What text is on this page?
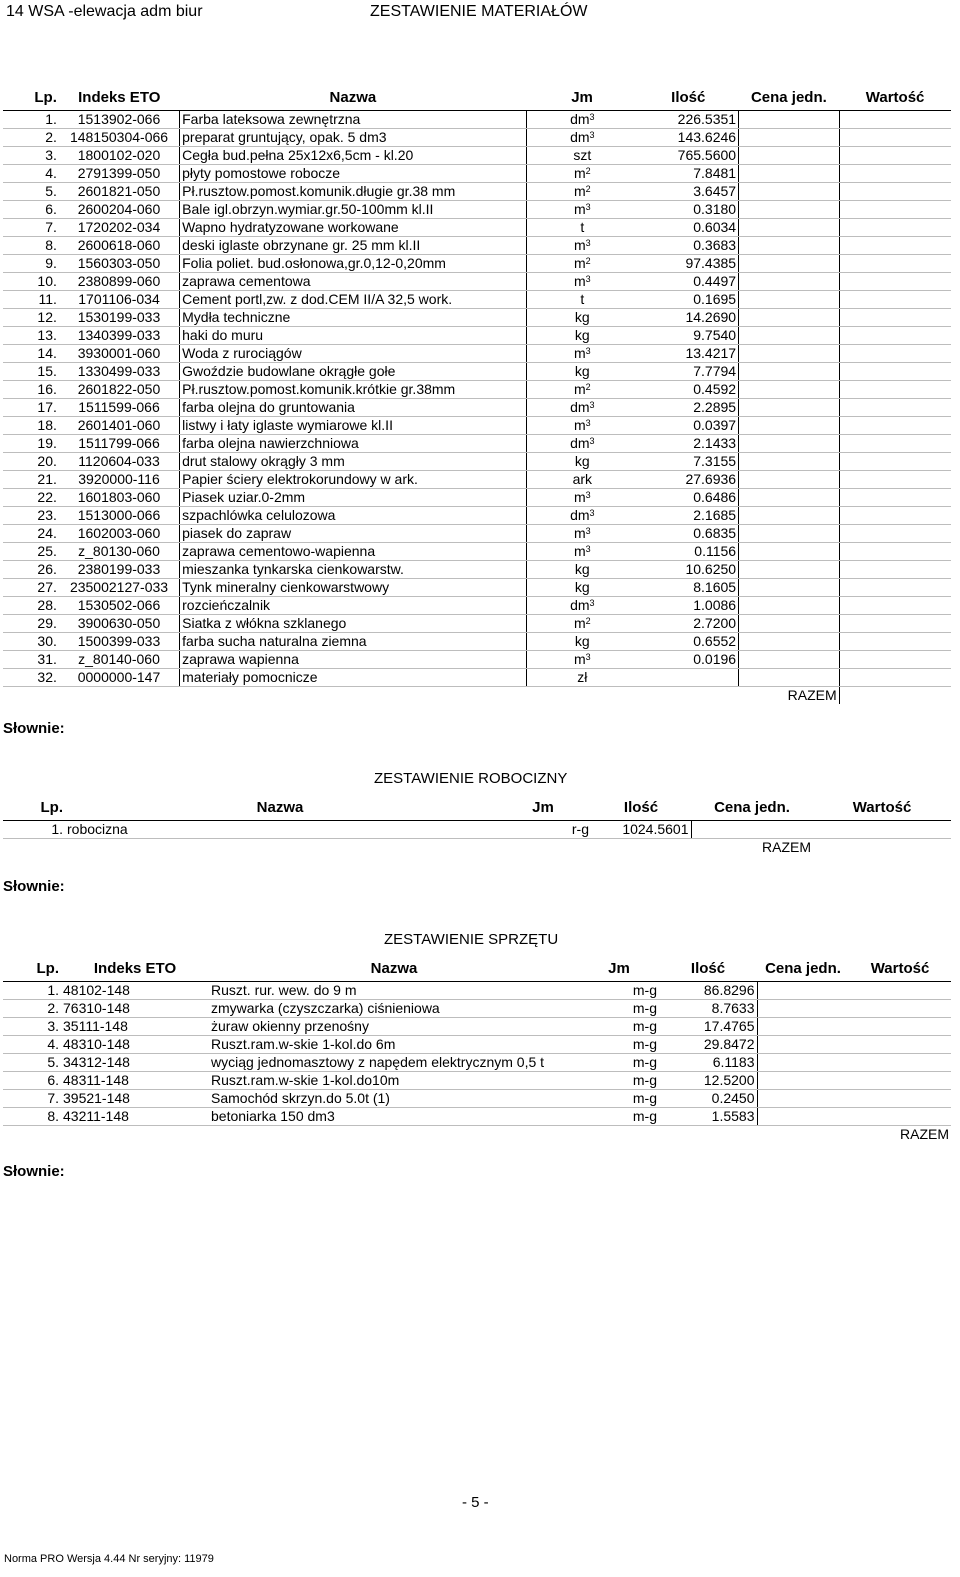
14 WSA -elewacja adm biur	ZESTAWIENIE MATERIAŁÓW
Lp.	Indeks ETO	Nazwa	Jm	Ilość	Cena jedn.	Wartość
1.	1513902-066	Farba lateksowa zewnętrzna	$dm^3$	226.5351		
2.	148150304-066	preparat gruntujący, opak. 5 dm3	$dm^3$	143.6246		
3.	1800102-020	Cegła bud.pełna 25x12x6,5cm - kl.20	szt	765.5600		
4.	2791399-050	płyty pomostowe robocze	$m^2$	7.8481		
5.	2601821-050	Pł.rusztow.pomost.komunik.długie gr.38 mm	$m^2$	3.6457		
6.	2600204-060	Bale igl.obrzyn.wymiar.gr.50-100mm kl.II	$m^3$	0.3180		
7.	1720202-034	Wapno hydratyzowane workowane	t	0.6034		
8.	2600618-060	deski iglaste obrzynane gr. 25 mm kl.II	$m^3$	0.3683		
9.	1560303-050	Folia poliet. bud.osłonowa,gr.0,12-0,20mm	$m^2$	97.4385		
10.	2380899-060	zaprawa cementowa	$m^3$	0.4497		
11.	1701106-034	Cement portl,zw. z dod.CEM II/A 32,5 work.	t	0.1695		
12.	1530199-033	Mydła techniczne	kg	14.2690		
13.	1340399-033	haki do muru	kg	9.7540		
14.	3930001-060	Woda z rurociągów	$m^3$	13.4217		
15.	1330499-033	Gwoździe budowlane okrągłe gołe	kg	7.7794		
16.	2601822-050	Pł.rusztow.pomost.komunik.krótkie gr.38mm	$m^2$	0.4592		
17.	1511599-066	farba olejna do gruntowania	$dm^3$	2.2895		
18.	2601401-060	listwy i łaty iglaste wymiarowe kl.II	$m^3$	0.0397		
19.	1511799-066	farba olejna nawierzchniowa	$dm^3$	2.1433		
20.	1120604-033	drut stalowy okrągły 3 mm	kg	7.3155		
21.	3920000-116	Papier ściery elektrokorundowy w ark.	ark	27.6936		
22.	1601803-060	Piasek uziar.0-2mm	$m^3$	0.6486		
23.	1513000-066	szpachlówka celulozowa	$dm^3$	2.1685		
24.	1602003-060	piasek do zapraw	$m^3$	0.6835		
25.	z_80130-060	zaprawa cementowo-wapienna	$m^3$	0.1156		
26.	2380199-033	mieszanka tynkarska cienkowarstw.	kg	10.6250		
27.	235002127-033	Tynk mineralny cienkowarstwowy	kg	8.1605		
28.	1530502-066	rozcieńczalnik	$dm^3$	1.0086		
29.	3900630-050	Siatka z włókna szklanego	$m^2$	2.7200		
30.	1500399-033	farba sucha naturalna ziemna	kg	0.6552		
31.	z_80140-060	zaprawa wapienna	$m^3$	0.0196		
32.	0000000-147	materiały pomocnicze	zł			
RAZEM						
Słownie:
ZESTAWIENIE ROBOCIZNY
Lp.	Nazwa	Jm	Ilość	Cena jedn.	Wartość
1.	robocizna	r-g	1024.5601		
RAZEM					
Słownie:
ZESTAWIENIE SPRZĘTU
Lp.	Indeks ETO	Nazwa	Jm	Ilość	Cena jedn.	Wartość
1.	48102-148	Ruszt. rur. wew. do 9 m	m-g	86.8296		
2.	76310-148	zmywarka (czyszczarka) ciśnieniowa	m-g	8.7633		
3.	35111-148	żuraw okienny przenośny	m-g	17.4765		
4.	48310-148	Ruszt.ram.w-skie 1-kol.do 6m	m-g	29.8472		
5.	34312-148	wyciąg jednomasztowy z napędem elektrycznym 0,5 t	m-g	6.1183		
6.	48311-148	Ruszt.ram.w-skie 1-kol.do10m	m-g	12.5200		
7.	39521-148	Samochód skrzyn.do 5.0t (1)	m-g	0.2450		
8.	43211-148	betoniarka 150 dm3	m-g	1.5583		
RAZEM						
Słownie:
- 5 -
Norma PRO Wersja 4.44 Nr seryjny: 11979
